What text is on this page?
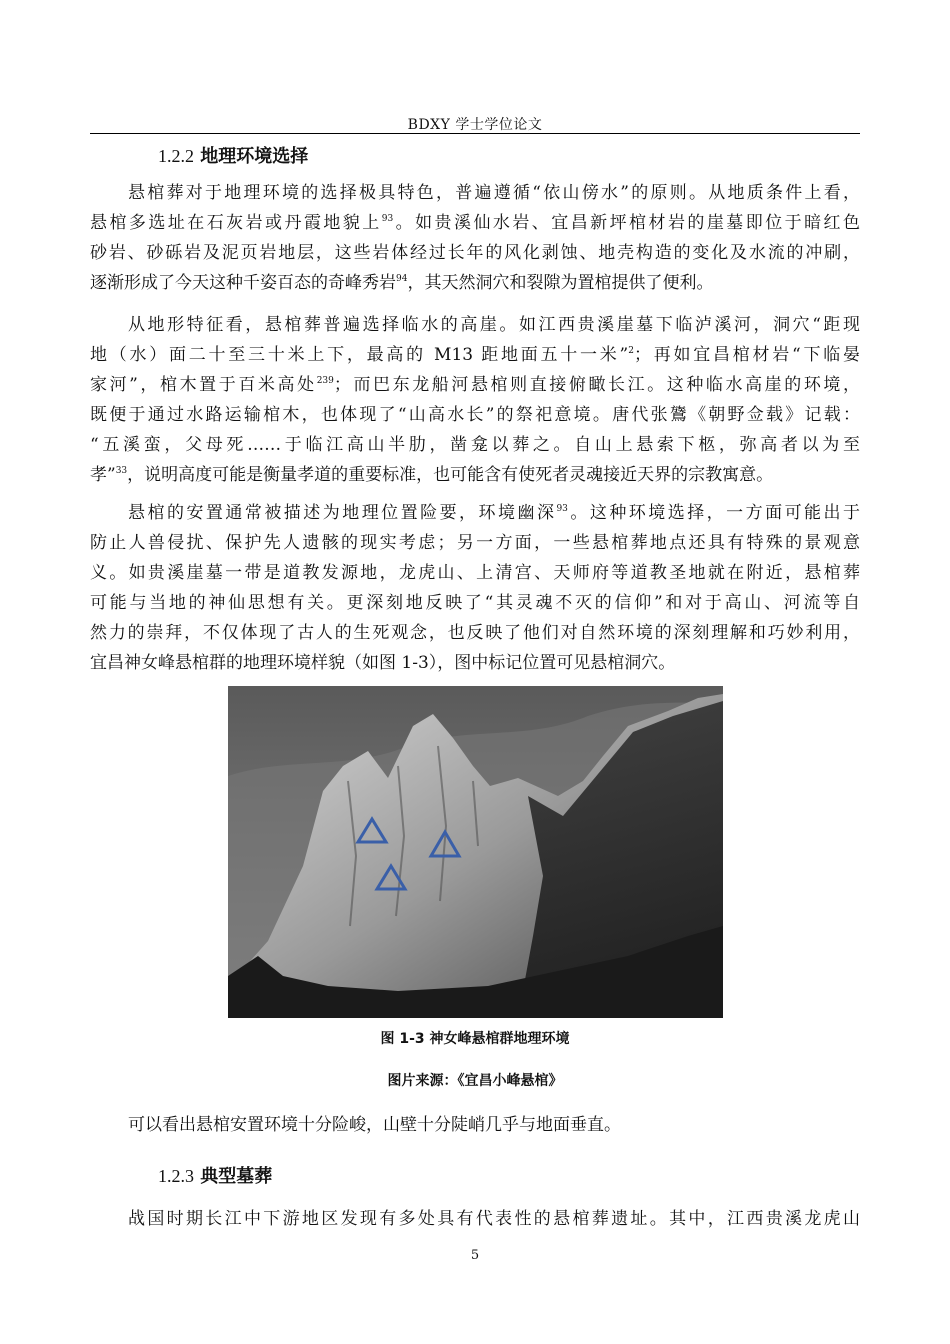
BDXY 学士学位论文
1.2.2 地理环境选择
悬棺葬对于地理环境的选择极具特色，普遍遵循“依山傍水”的原则。从地质条件上看，
悬棺多选址在石灰岩或丹霞地貌上$^{93}$。如贵溪仙水岩、宜昌新坪棺材岩的崖墓即位于暗红色
砂岩、砂砾岩及泥页岩地层，这些岩体经过长年的风化剥蚀、地壳构造的变化及水流的冲刷，
逐渐形成了今天这种千姿百态的奇峰秀岩$^{94}$，其天然洞穴和裂隙为置棺提供了便利。
从地形特征看，悬棺葬普遍选择临水的高崖。如江西贵溪崖墓下临泸溪河，洞穴“距现
地（水）面二十至三十米上下，最高的 M13 距地面五十一米”$^2$；再如宜昌棺材岩“下临晏
家河”，棺木置于百米高处$^{239}$；而巴东龙船河悬棺则直接俯瞰长江。这种临水高崖的环境，
既便于通过水路运输棺木，也体现了“山高水长”的祭祀意境。唐代张鷟《朝野佥载》记载：
“五溪蛮，父母死……于临江高山半肋，凿龛以葬之。自山上悬索下柩，弥高者以为至
孝”$^{33}$，说明高度可能是衡量孝道的重要标准，也可能含有使死者灵魂接近天界的宗教寓意。
悬棺的安置通常被描述为地理位置险要，环境幽深$^{93}$。这种环境选择，一方面可能出于
防止人兽侵扰、保护先人遗骸的现实考虑；另一方面，一些悬棺葬地点还具有特殊的景观意
义。如贵溪崖墓一带是道教发源地，龙虎山、上清宫、天师府等道教圣地就在附近，悬棺葬
可能与当地的神仙思想有关。更深刻地反映了“其灵魂不灭的信仰”和对于高山、河流等自
然力的崇拜，不仅体现了古人的生死观念，也反映了他们对自然环境的深刻理解和巧妙利用，
宜昌神女峰悬棺群的地理环境样貌（如图 1-3），图中标记位置可见悬棺洞穴。
图 1-3 神女峰悬棺群地理环境
图片来源：《宜昌小峰悬棺》
可以看出悬棺安置环境十分险峻，山壁十分陡峭几乎与地面垂直。
1.2.3 典型墓葬
战国时期长江中下游地区发现有多处具有代表性的悬棺葬遗址。其中，江西贵溪龙虎山
5
